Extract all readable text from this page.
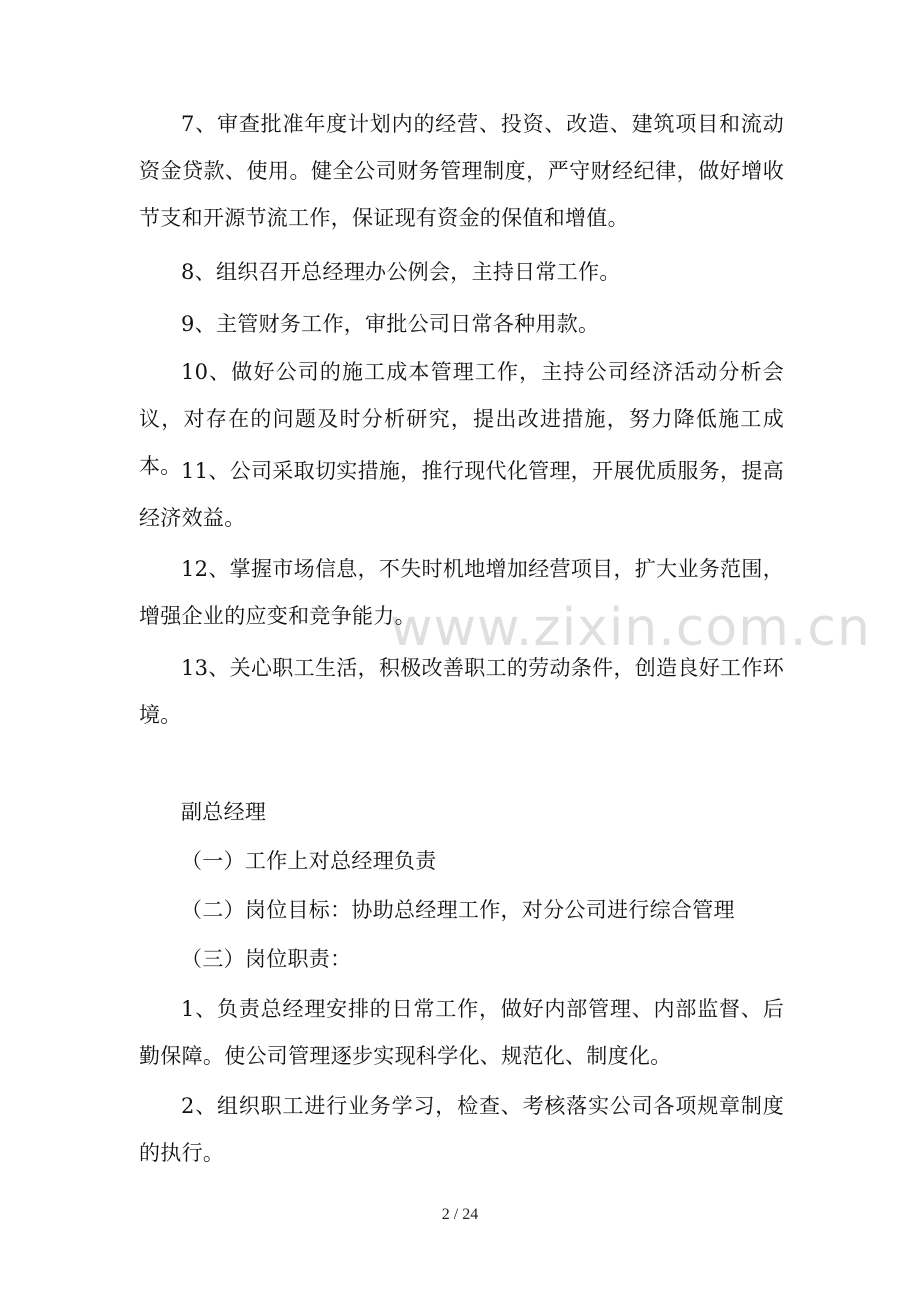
7、审查批准年度计划内的经营、投资、改造、建筑项目和流动资金贷款、使用。健全公司财务管理制度，严守财经纪律，做好增收节支和开源节流工作，保证现有资金的保值和增值。

8、组织召开总经理办公例会，主持日常工作。

9、主管财务工作，审批公司日常各种用款。

10、做好公司的施工成本管理工作，主持公司经济活动分析会议，对存在的问题及时分析研究，提出改进措施，努力降低施工成本。 11、公司采取切实措施，推行现代化管理，开展优质服务，提高经济效益。

12、掌握市场信息，不失时机地增加经营项目，扩大业务范围，增强企业的应变和竞争能力。

13、关心职工生活，积极改善职工的劳动条件，创造良好工作环境。

副总经理

（一）工作上对总经理负责

（二）岗位目标：协助总经理工作，对分公司进行综合管理

（三）岗位职责：

1、负责总经理安排的日常工作，做好内部管理、内部监督、后勤保障。使公司管理逐步实现科学化、规范化、制度化。

2、组织职工进行业务学习，检查、考核落实公司各项规章制度的执行。

www.zixin.com.cn
2 / 24
